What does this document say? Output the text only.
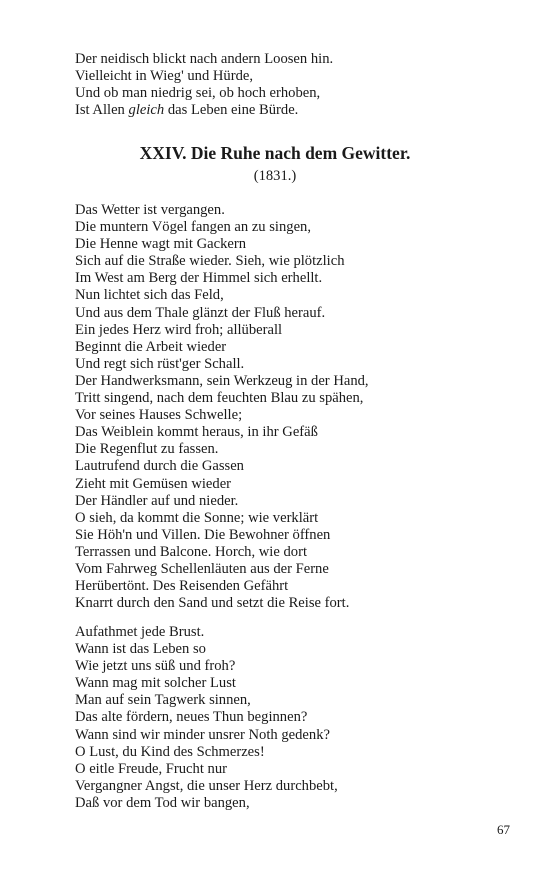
Der neidisch blickt nach andern Loosen hin.
Vielleicht in Wieg' und Hürde,
Und ob man niedrig sei, ob hoch erhoben,
Ist Allen gleich das Leben eine Bürde.
XXIV. Die Ruhe nach dem Gewitter.
(1831.)
Das Wetter ist vergangen.
Die muntern Vögel fangen an zu singen,
Die Henne wagt mit Gackern
Sich auf die Straße wieder. Sieh, wie plötzlich
Im West am Berg der Himmel sich erhellt.
Nun lichtet sich das Feld,
Und aus dem Thale glänzt der Fluß herauf.
Ein jedes Herz wird froh; allüberall
Beginnt die Arbeit wieder
Und regt sich rüst'ger Schall.
Der Handwerksmann, sein Werkzeug in der Hand,
Tritt singend, nach dem feuchten Blau zu spähen,
Vor seines Hauses Schwelle;
Das Weiblein kommt heraus, in ihr Gefäß
Die Regenflut zu fassen.
Lautrufend durch die Gassen
Zieht mit Gemüsen wieder
Der Händler auf und nieder.
O sieh, da kommt die Sonne; wie verklärt
Sie Höh'n und Villen. Die Bewohner öffnen
Terrassen und Balcone. Horch, wie dort
Vom Fahrweg Schellenläuten aus der Ferne
Herübertönt. Des Reisenden Gefährt
Knarrt durch den Sand und setzt die Reise fort.
Aufathmet jede Brust.
Wann ist das Leben so
Wie jetzt uns süß und froh?
Wann mag mit solcher Lust
Man auf sein Tagwerk sinnen,
Das alte fördern, neues Thun beginnen?
Wann sind wir minder unsrer Noth gedenk?
O Lust, du Kind des Schmerzes!
O eitle Freude, Frucht nur
Vergangner Angst, die unser Herz durchbebt,
Daß vor dem Tod wir bangen,
67
